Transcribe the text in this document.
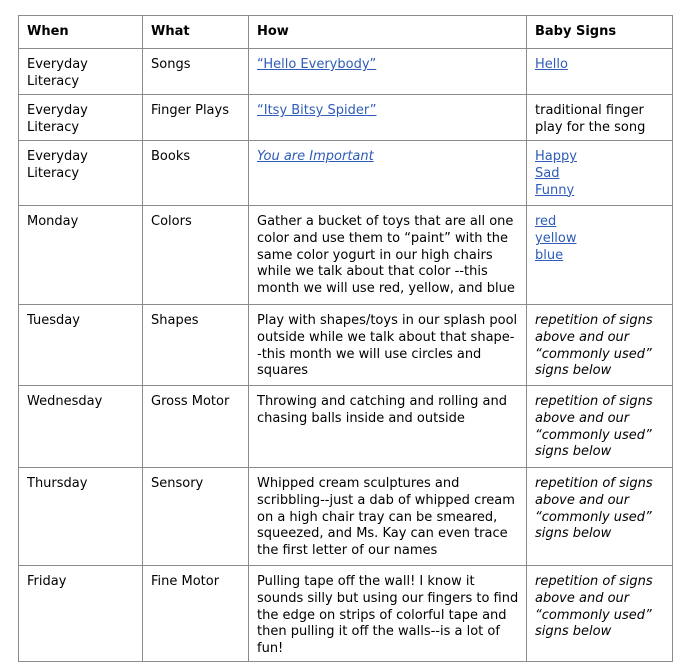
When	What	How	Baby Signs
Everyday Literacy	Songs	“Hello Everybody”	Hello

Everyday Literacy	Finger Plays	“Itsy Bitsy Spider”	traditional finger play for the song
Everyday Literacy	Books	You are Important	Happy
Sad
Funny

Monday	Colors	Gather a bucket of toys that are all one color and use them to “paint” with the same color yogurt in our high chairs while we talk about that color --this month we will use red, yellow, and blue	red
yellow
blue

Tuesday	Shapes	Play with shapes/toys in our splash pool outside while we talk about that shape--this month we will use circles and squares	repetition of signs above and our “commonly used” signs below
Wednesday	Gross Motor	Throwing and catching and rolling and chasing balls inside and outside	repetition of signs above and our “commonly used” signs below
Thursday	Sensory	Whipped cream sculptures and scribbling--just a dab of whipped cream on a high chair tray can be smeared, squeezed, and Ms. Kay can even trace the first letter of our names	repetition of signs above and our “commonly used” signs below
Friday	Fine Motor	Pulling tape off the wall! I know it sounds silly but using our fingers to find the edge on strips of colorful tape and then pulling it off the walls--is a lot of fun!	repetition of signs above and our “commonly used” signs below
